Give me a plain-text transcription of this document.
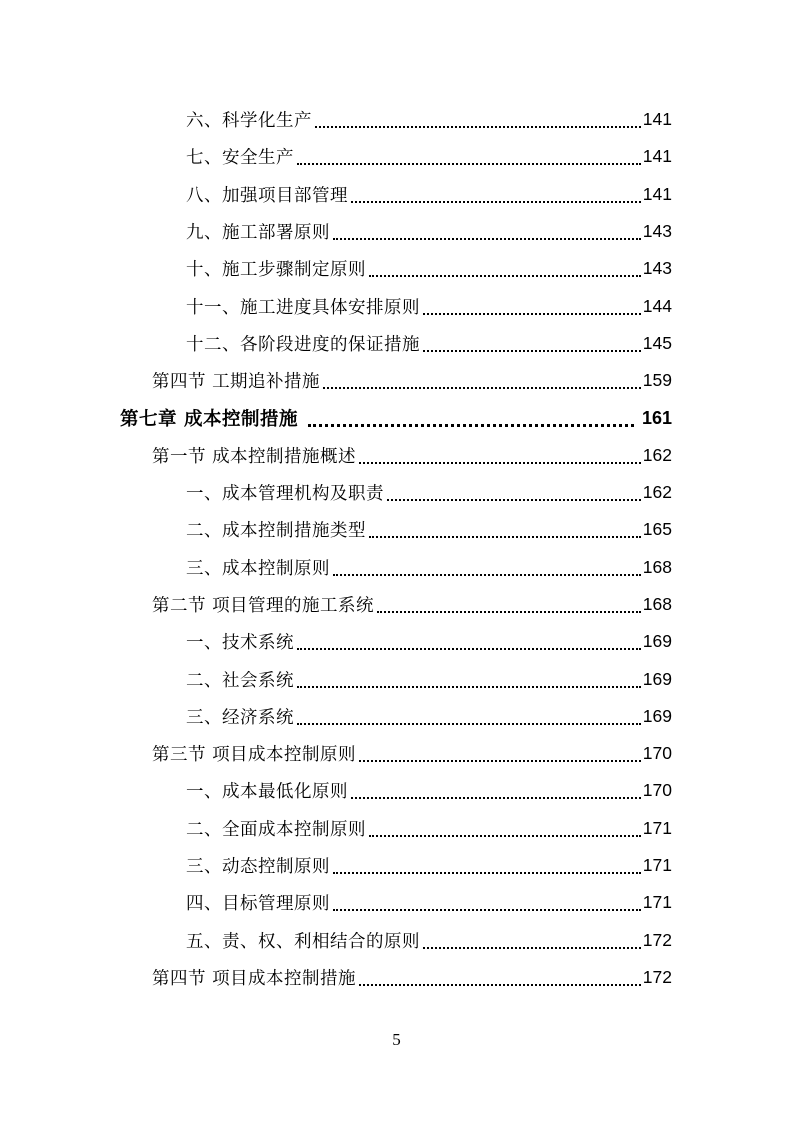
六、科学化生产	141
七、安全生产	141
八、加强项目部管理	141
九、施工部署原则	143
十、施工步骤制定原则	143
十一、施工进度具体安排原则	144
十二、各阶段进度的保证措施	145
第四节 工期追补措施	159
第七章 成本控制措施	161
第一节 成本控制措施概述	162
一、成本管理机构及职责	162
二、成本控制措施类型	165
三、成本控制原则	168
第二节 项目管理的施工系统	168
一、技术系统	169
二、社会系统	169
三、经济系统	169
第三节 项目成本控制原则	170
一、成本最低化原则	170
二、全面成本控制原则	171
三、动态控制原则	171
四、目标管理原则	171
五、责、权、利相结合的原则	172
第四节 项目成本控制措施	172
5
